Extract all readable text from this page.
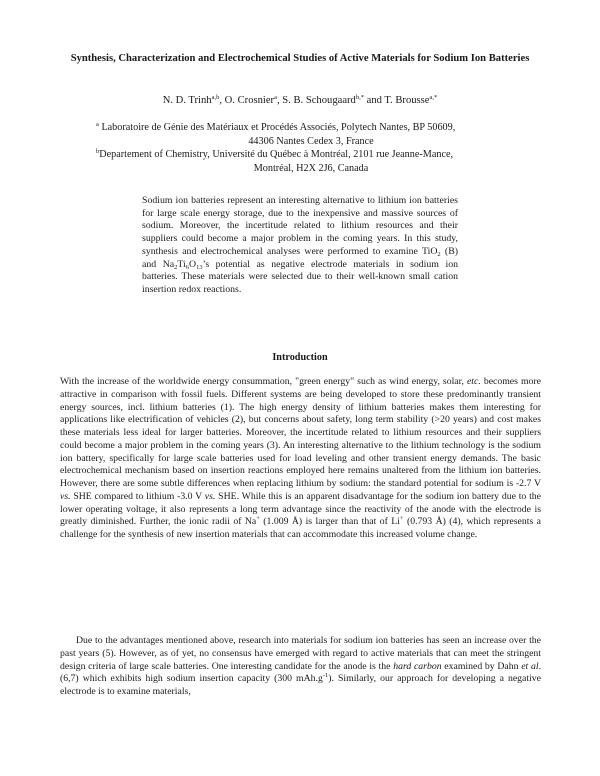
Synthesis, Characterization and Electrochemical Studies of Active Materials for Sodium Ion Batteries
N. D. Trinh$^{a,b}$, O. Crosnier$^a$, S. B. Schougaard$^{b,*}$ and T. Brousse$^{a,*}$
$^a$ Laboratoire de Génie des Matériaux et Procédés Associés, Polytech Nantes, BP 50609,
44306 Nantes Cedex 3, France
$^b$Departement of Chemistry, Université du Québec à Montréal, 2101 rue Jeanne-Mance,
Montréal, H2X 2J6, Canada
Sodium ion batteries represent an interesting alternative to lithium ion batteries for large scale energy storage, due to the inexpensive and massive sources of sodium. Moreover, the incertitude related to lithium resources and their suppliers could become a major problem in the coming years. In this study, synthesis and electrochemical analyses were performed to examine TiO$_2$ (B) and $Na_2Ti_6O_{13}’s$ potential as negative electrode materials in sodium ion batteries. These materials were selected due to their well-known small cation insertion redox reactions.
Introduction
With the increase of the worldwide energy consummation, "green energy" such as wind energy, solar, etc. becomes more attractive in comparison with fossil fuels. Different systems are being developed to store these predominantly transient energy sources, incl. lithium batteries (1). The high energy density of lithium batteries makes them interesting for applications like electrification of vehicles (2), but concerns about safety, long term stability (>20 years) and cost makes these materials less ideal for larger batteries. Moreover, the incertitude related to lithium resources and their suppliers could become a major problem in the coming years (3). An interesting alternative to the lithium technology is the sodium ion battery, specifically for large scale batteries used for load leveling and other transient energy demands. The basic electrochemical mechanism based on insertion reactions employed here remains unaltered from the lithium ion batteries. However, there are some subtle differences when replacing lithium by sodium: the standard potential for sodium is -2.7 V vs. SHE compared to lithium -3.0 V vs. SHE. While this is an apparent disadvantage for the sodium ion battery due to the lower operating voltage, it also represents a long term advantage since the reactivity of the anode with the electrode is greatly diminished. Further, the ionic radii of Na+ (1.009 Å) is larger than that of Li+ (0.793 Å) (4), which represents a challenge for the synthesis of new insertion materials that can accommodate this increased volume change.
Due to the advantages mentioned above, research into materials for sodium ion batteries has seen an increase over the past years (5). However, as of yet, no consensus have emerged with regard to active materials that can meet the stringent design criteria of large scale batteries. One interesting candidate for the anode is the hard carbon examined by Dahn et al. (6,7) which exhibits high sodium insertion capacity (300 $mAh.g^{-1}$). Similarly, our approach for developing a negative electrode is to examine materials,
